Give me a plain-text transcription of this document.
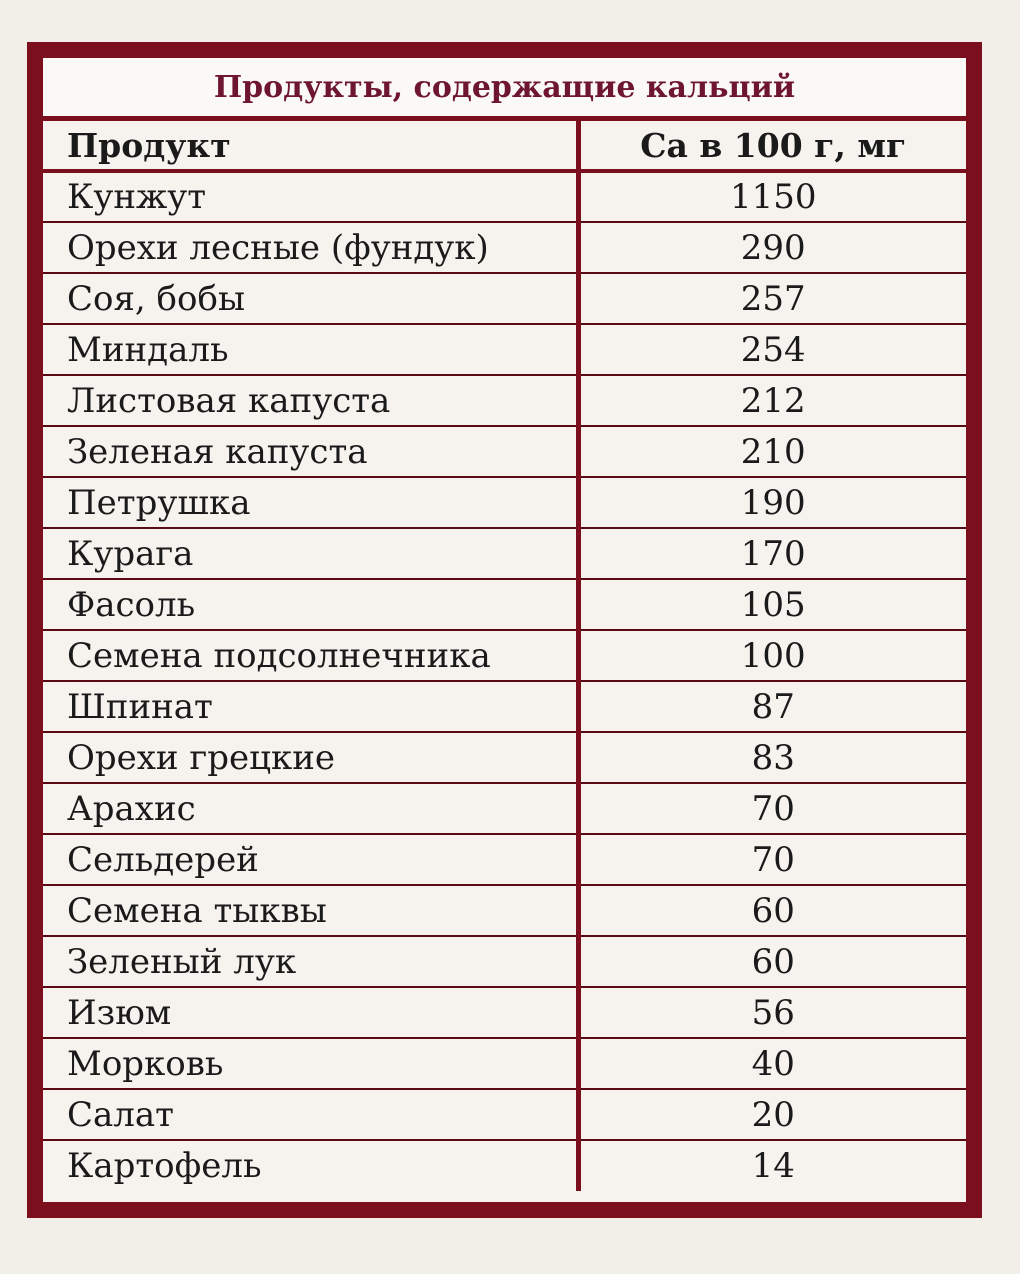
Продукты, содержащие кальций
Продукт	Са в 100 г, мг
Кунжут	1150
Орехи лесные (фундук)	290
Соя, бобы	257
Миндаль	254
Листовая капуста	212
Зеленая капуста	210
Петрушка	190
Курага	170
Фасоль	105
Семена подсолнечника	100
Шпинат	87
Орехи грецкие	83
Арахис	70
Сельдерей	70
Семена тыквы	60
Зеленый лук	60
Изюм	56
Морковь	40
Салат	20
Картофель	14
